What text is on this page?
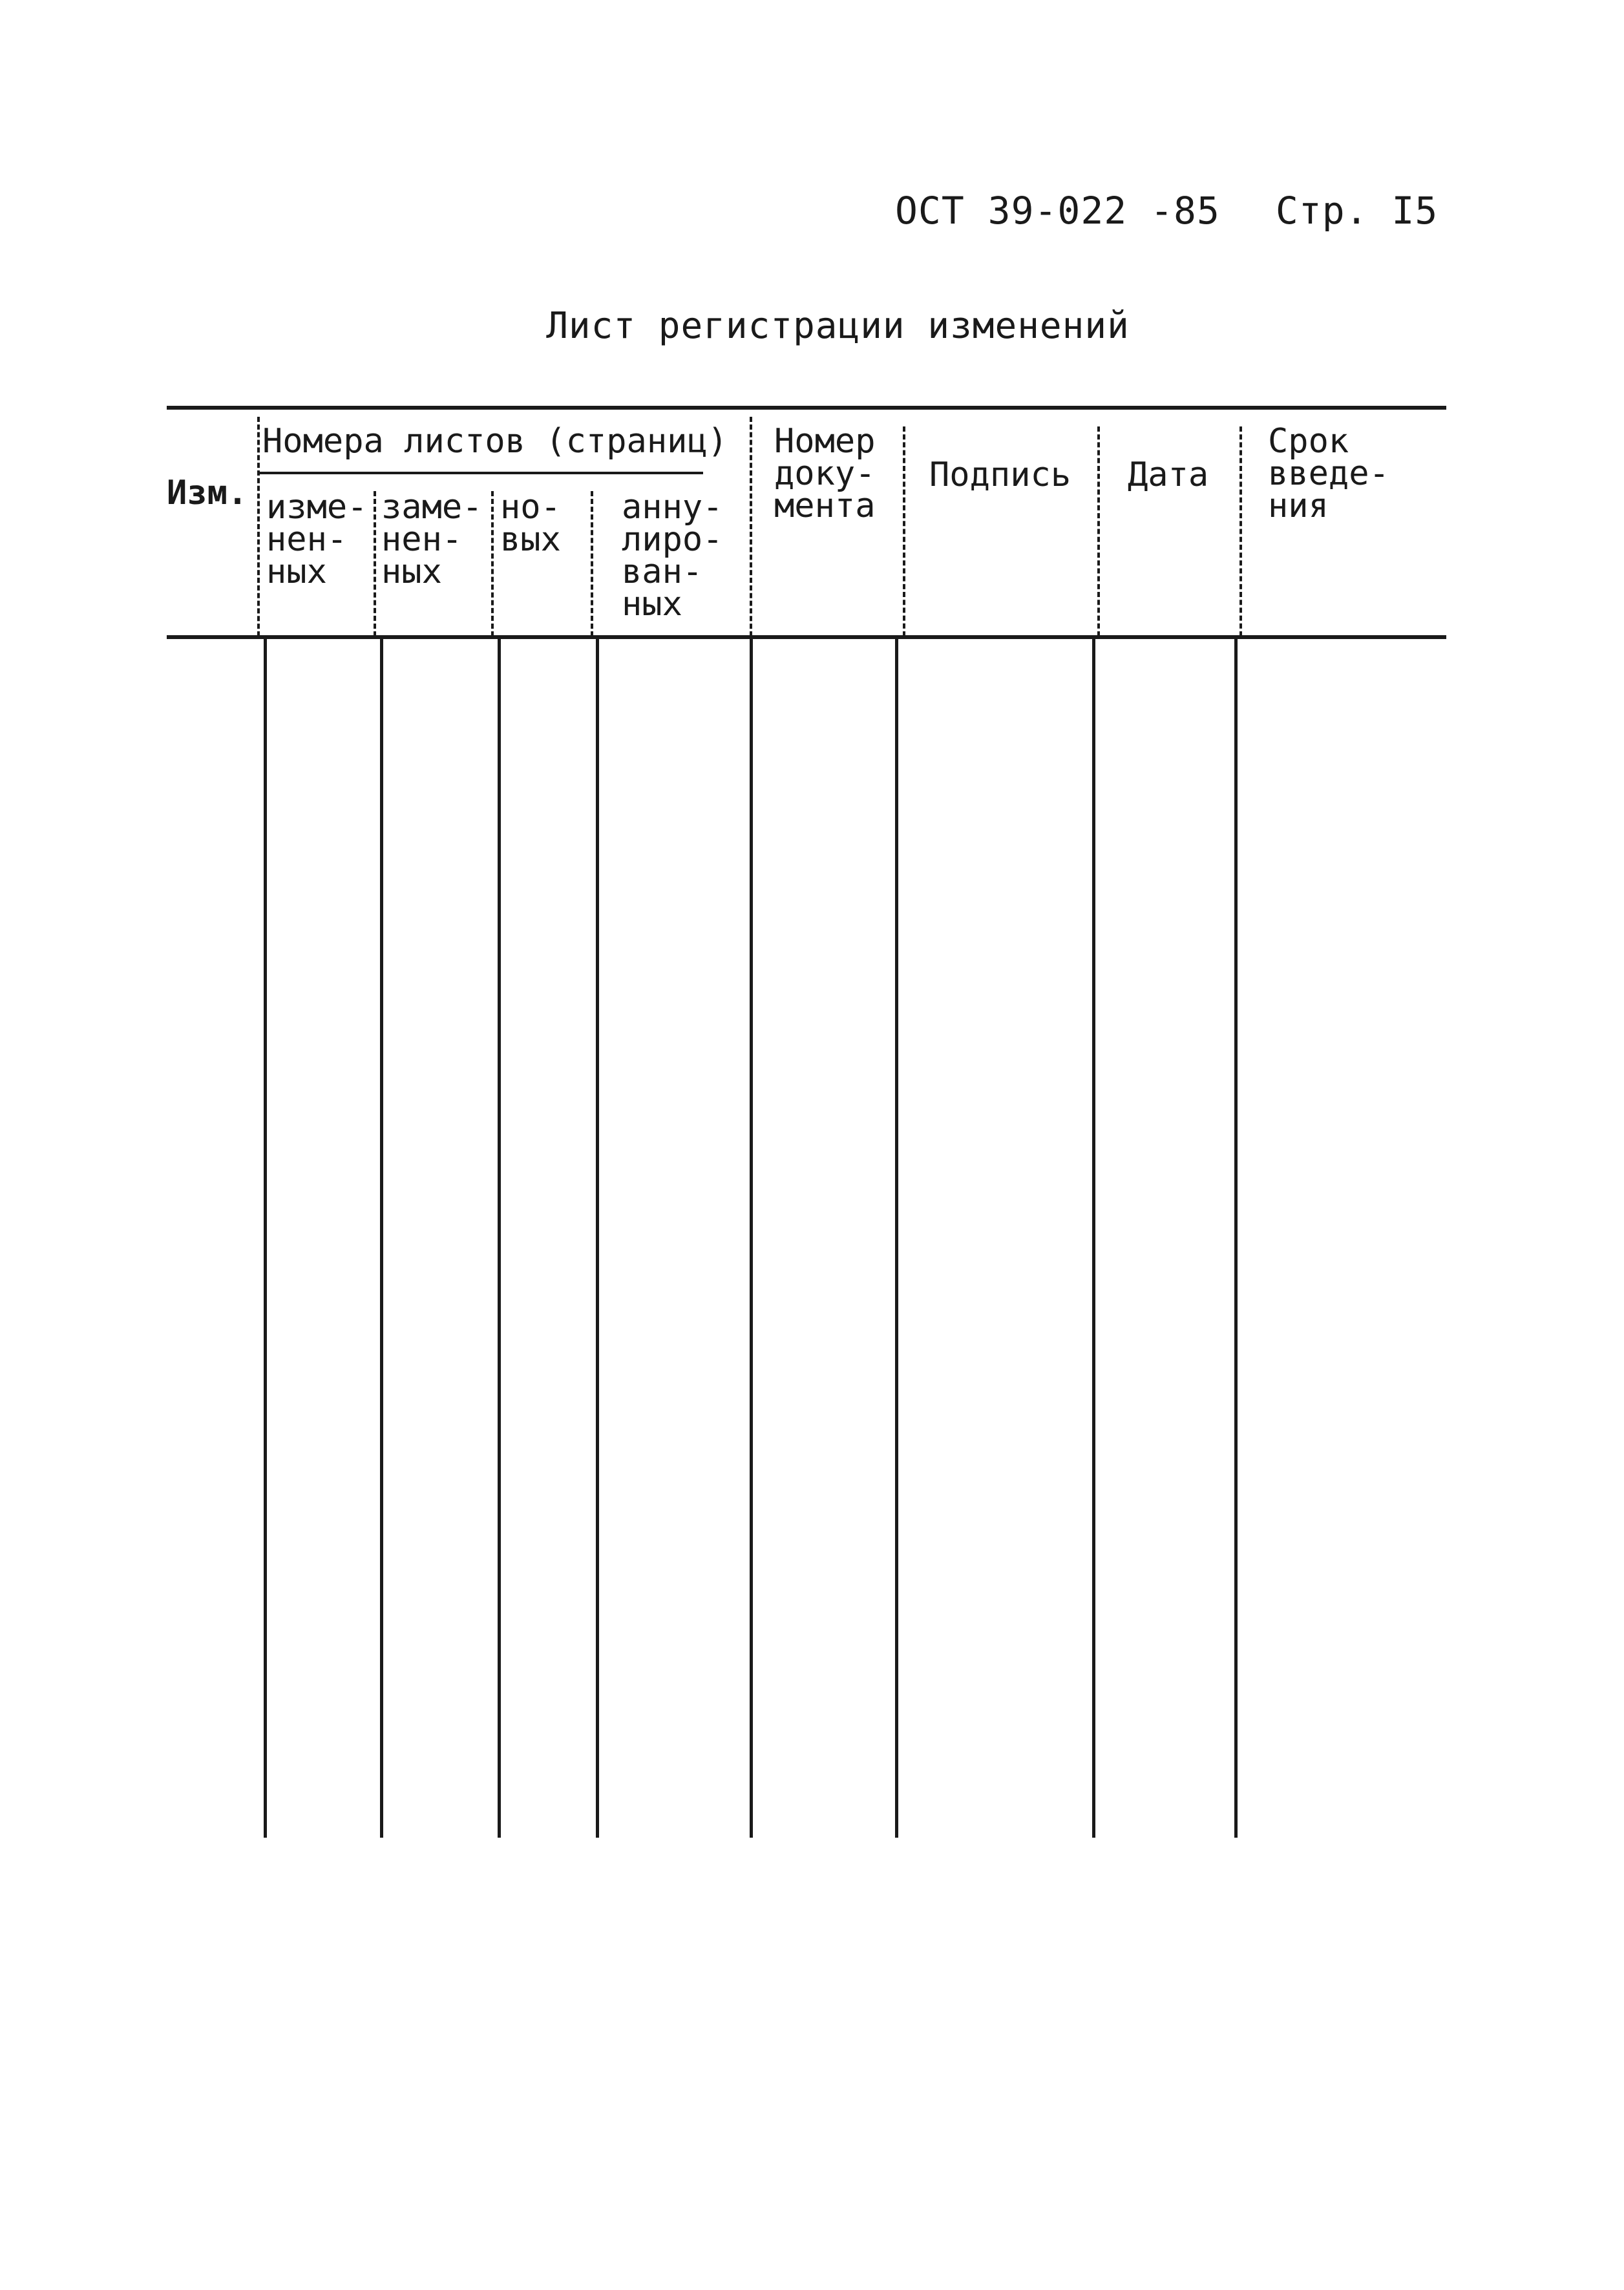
ОСТ 39-022 -85 Стр. I5
Лист регистрации изменений
Изм.
Номера листов (страниц)
изме-
нен-
ных
заме-
нен-
ных
но-
вых
анну-
лиро-
ван-
ных
Номер
доку-
мента
Подпись Дата
Срок
введе-
ния
